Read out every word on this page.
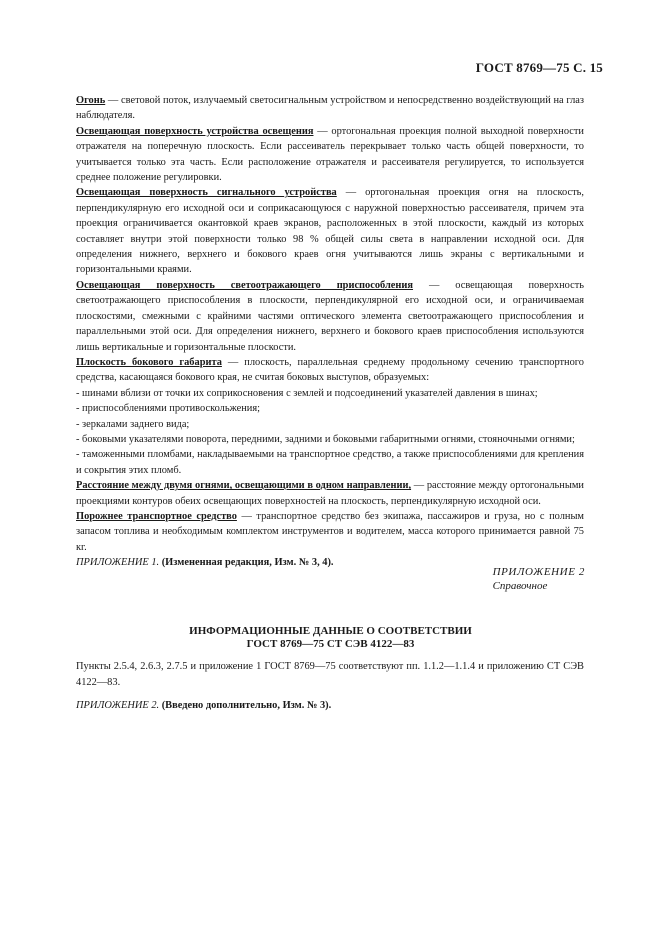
ГОСТ 8769—75 С. 15

Огонь — световой поток, излучаемый светосигнальным устройством и непосредственно воздействующий на глаз наблюдателя.

Освещающая поверхность устройства освещения — ортогональная проекция полной выходной поверхности отражателя на поперечную плоскость. Если рассеиватель перекрывает только часть общей поверхности, то учитывается только эта часть. Если расположение отражателя и рассеивателя регулируется, то используется среднее положение регулировки.

Освещающая поверхность сигнального устройства — ортогональная проекция огня на плоскость, перпендикулярную его исходной оси и соприкасающуюся с наружной поверхностью рассеивателя, причем эта проекция ограничивается окантовкой краев экранов, расположенных в этой плоскости, каждый из которых составляет внутри этой поверхности только 98 % общей силы света в направлении исходной оси. Для определения нижнего, верхнего и бокового краев огня учитываются лишь экраны с вертикальными и горизонтальными краями.

Освещающая поверхность светоотражающего приспособления — освещающая поверхность светоотражающего приспособления в плоскости, перпендикулярной его исходной оси, и ограничиваемая плоскостями, смежными с крайними частями оптического элемента светоотражающего приспособления и параллельными этой оси. Для определения нижнего, верхнего и бокового краев приспособления используются лишь вертикальные и горизонтальные плоскости.

Плоскость бокового габарита — плоскость, параллельная среднему продольному сечению транспортного средства, касающаяся бокового края, не считая боковых выступов, образуемых:

- шинами вблизи от точки их соприкосновения с землей и подсоединений указателей давления в шинах;

- приспособлениями противоскольжения;

- зеркалами заднего вида;

- боковыми указателями поворота, передними, задними и боковыми габаритными огнями, стояночными огнями;

- таможенными пломбами, накладываемыми на транспортное средство, а также приспособлениями для крепления и сокрытия этих пломб.

Расстояние между двумя огнями, освещающими в одном направлении, — расстояние между ортогональными проекциями контуров обеих освещающих поверхностей на плоскость, перпендикулярную исходной оси.

Порожнее транспортное средство — транспортное средство без экипажа, пассажиров и груза, но с полным запасом топлива и необходимым комплектом инструментов и водителем, масса которого принимается равной 75 кг.

ПРИЛОЖЕНИЕ 1. (Измененная редакция, Изм. № 3, 4).

ПРИЛОЖЕНИЕ 2
Справочное
ИНФОРМАЦИОННЫЕ ДАННЫЕ О СООТВЕТСТВИИ
ГОСТ 8769—75 СТ СЭВ 4122—83

Пункты 2.5.4, 2.6.3, 2.7.5 и приложение 1 ГОСТ 8769—75 соответствуют пп. 1.1.2—1.1.4 и приложению СТ СЭВ 4122—83.

ПРИЛОЖЕНИЕ 2. (Введено дополнительно, Изм. № 3).
